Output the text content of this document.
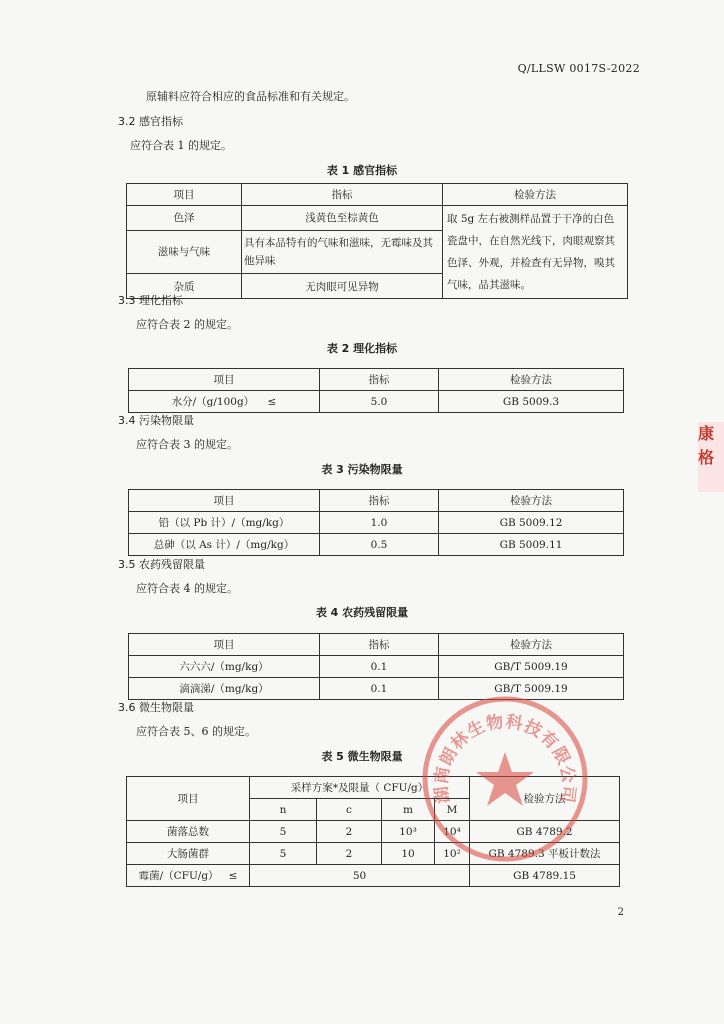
Q/LLSW 0017S-2022
原辅料应符合相应的食品标准和有关规定。
3.2 感官指标
应符合表 1 的规定。
表 1 感官指标
项目	指标	检验方法
色泽	浅黄色至棕黄色	取 5g 左右被测样品置于干净的白色瓷盘中，在自然光线下，肉眼观察其色泽、外观，并检查有无异物，嗅其气味，品其滋味。
滋味与气味	具有本品特有的气味和滋味，无霉味及其他异味	
杂质	无肉眼可见异物	
3.3 理化指标
应符合表 2 的规定。
表 2 理化指标
项目	指标	检验方法
水分/（g/100g） ≤	5.0	GB 5009.3
3.4 污染物限量
应符合表 3 的规定。
表 3 污染物限量
项目	指标	检验方法
铅（以 Pb 计）/（mg/kg）	1.0	GB 5009.12
总砷（以 As 计）/（mg/kg）	0.5	GB 5009.11
3.5 农药残留限量
应符合表 4 的规定。
表 4 农药残留限量
项目	指标	检验方法
六六六/（mg/kg）	0.1	GB/T 5009.19
滴滴涕/（mg/kg）	0.1	GB/T 5009.19
3.6 微生物限量
应符合表 5、6 的规定。
表 5 微生物限量
项目	采样方案*及限量（ CFU/g）				检验方法
	n	c	m	M	
菌落总数	5	2	10³	10⁴	GB 4789.2
大肠菌群	5	2	10	10²	GB 4789.3 平板计数法
霉菌/（CFU/g） ≤	50				GB 4789.15
湖南朗林生物科技有限公司
康
格
2
